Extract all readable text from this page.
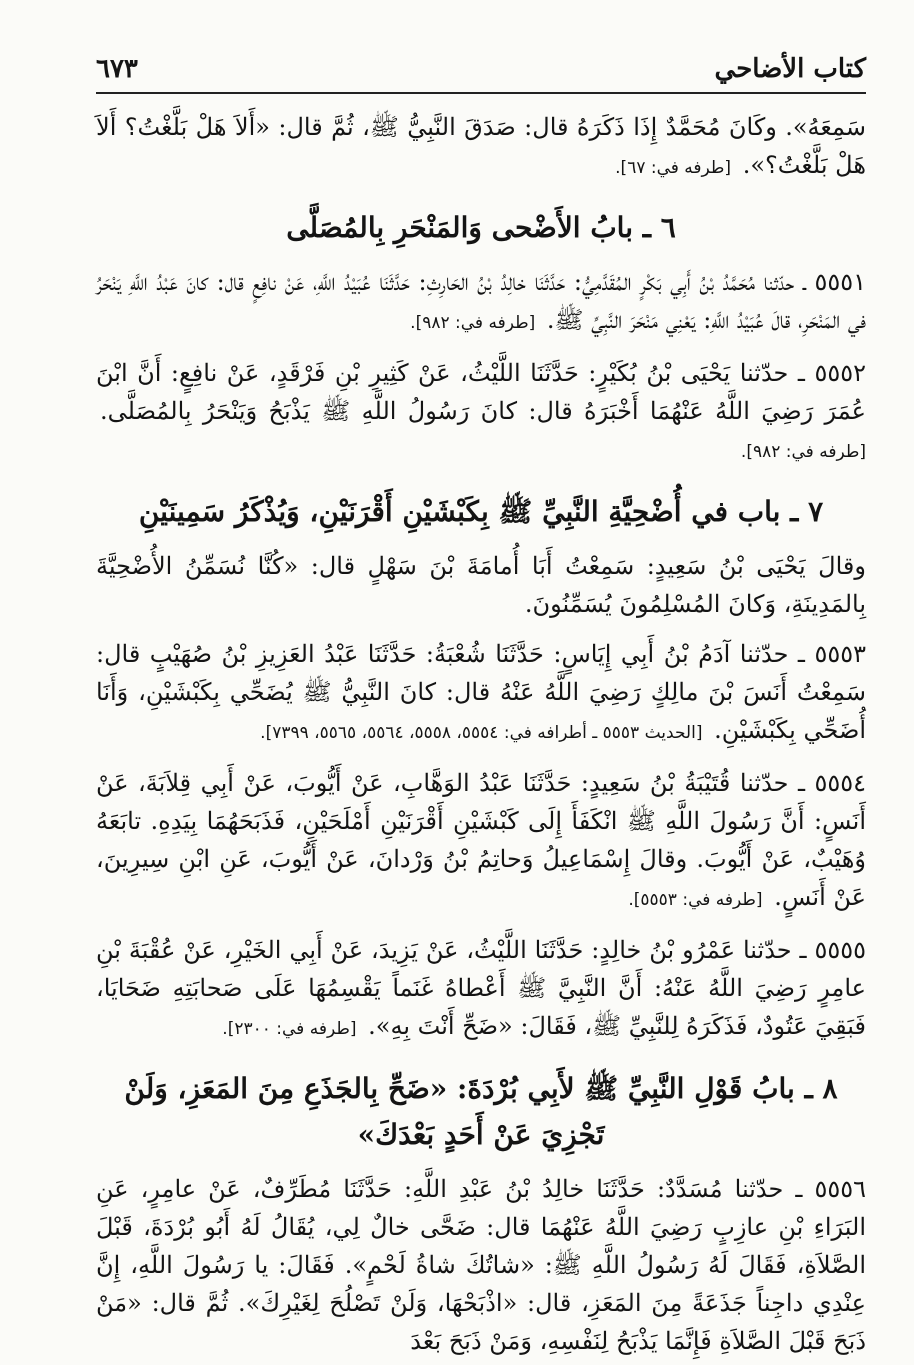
كتاب الأضاحي
٦٧٣

سَمِعَهُ». وكَانَ مُحَمَّدٌ إِذَا ذَكَرَهُ قال: صَدَقَ النَّبِيُّ ﷺ، ثُمَّ قال: «أَلاَ هَلْ بَلَّغْتُ؟ أَلاَ هَلْ بَلَّغْتُ؟». [طرفه في: ٦٧].

٦ ـ بابُ الأَضْحى وَالمَنْحَرِ بِالمُصَلَّى

٥٥٥١ ـ حدّثنا مُحَمَّدُ بْنُ أَبِي بَكْرٍ المُقَدَّمِيُّ: حَدَّثَنَا خالِدُ بْنُ الحَارِثِ: حَدَّثَنَا عُبَيْدُ اللَّهِ، عَنْ نافِعٍ قال: كانَ عَبْدُ اللَّهِ يَنْحَرُ في المَنْحَرِ، قالَ عُبَيْدُ اللَّهِ: يَعْنِي مَنْحَرَ النَّبِيِّ ﷺ. [طرفه في: ٩٨٢].

٥٥٥٢ ـ حدّثنا يَحْيَى بْنُ بُكَيْرٍ: حَدَّثَنَا اللَّيْثُ، عَنْ كَثِيرِ بْنِ فَرْقَدٍ، عَنْ نافِعٍ: أَنَّ ابْنَ عُمَرَ رَضِيَ اللَّهُ عَنْهُمَا أَخْبَرَهُ قال: كانَ رَسُولُ اللَّهِ ﷺ يَذْبَحُ وَيَنْحَرُ بِالمُصَلَّى. [طرفه في: ٩٨٢].

٧ ـ باب في أُضْحِيَّةِ النَّبِيِّ ﷺ بِكَبْشَيْنِ أَقْرَنَيْنِ، وَيُذْكَرُ سَمِينَيْنِ

وقالَ يَحْيَى بْنُ سَعِيدٍ: سَمِعْتُ أَبَا أُمامَةَ بْنَ سَهْلٍ قال: «كُنَّا نُسَمِّنُ الأُضْحِيَّةَ بِالمَدِينَةِ، وَكانَ المُسْلِمُونَ يُسَمِّنُونَ.

٥٥٥٣ ـ حدّثنا آدَمُ بْنُ أَبِي إِيَاسٍ: حَدَّثَنَا شُعْبَةُ: حَدَّثَنَا عَبْدُ العَزِيزِ بْنُ صُهَيْبٍ قال: سَمِعْتُ أَنَسَ بْنَ مالِكٍ رَضِيَ اللَّهُ عَنْهُ قال: كانَ النَّبِيُّ ﷺ يُضَحِّي بِكَبْشَيْنِ، وَأَنَا أُضَحِّي بِكَبْشَيْنِ. [الحديث ٥٥٥٣ ـ أطرافه في: ٥٥٥٤، ٥٥٥٨، ٥٥٦٤، ٥٥٦٥، ٧٣٩٩].

٥٥٥٤ ـ حدّثنا قُتَيْبَةُ بْنُ سَعِيدٍ: حَدَّثَنَا عَبْدُ الوَهَّابِ، عَنْ أَيُّوبَ، عَنْ أَبِي قِلاَبَةَ، عَنْ أَنَسٍ: أَنَّ رَسُولَ اللَّهِ ﷺ انْكَفَأَ إِلَى كَبْشَيْنِ أَقْرَنَيْنِ أَمْلَحَيْنِ، فَذَبَحَهُمَا بِيَدِهِ. تابَعَهُ وُهَيْبٌ، عَنْ أَيُّوبَ. وقالَ إِسْمَاعِيلُ وَحاتِمُ بْنُ وَرْدانَ، عَنْ أَيُّوبَ، عَنِ ابْنِ سِيرِينَ، عَنْ أَنَسٍ. [طرفه في: ٥٥٥٣].

٥٥٥٥ ـ حدّثنا عَمْرُو بْنُ خالِدٍ: حَدَّثَنَا اللَّيْثُ، عَنْ يَزِيدَ، عَنْ أَبِي الخَيْرِ، عَنْ عُقْبَةَ بْنِ عامِرٍ رَضِيَ اللَّهُ عَنْهُ: أَنَّ النَّبِيَّ ﷺ أَعْطاهُ غَنَماً يَقْسِمُهَا عَلَى صَحابَتِهِ ضَحَايَا، فَبَقِيَ عَتُودٌ، فَذَكَرَهُ لِلنَّبِيِّ ﷺ، فَقَالَ: «ضَحِّ أَنْتَ بِهِ». [طرفه في: ٢٣٠٠].

٨ ـ بابُ قَوْلِ النَّبِيِّ ﷺ لأَبِي بُرْدَةَ: «ضَحِّ بِالجَذَعِ مِنَ المَعَزِ، وَلَنْ تَجْزِيَ عَنْ أَحَدٍ بَعْدَكَ»

٥٥٥٦ ـ حدّثنا مُسَدَّدٌ: حَدَّثَنَا خالِدُ بْنُ عَبْدِ اللَّهِ: حَدَّثَنَا مُطَرِّفٌ، عَنْ عامِرٍ، عَنِ البَرَاءِ بْنِ عازِبٍ رَضِيَ اللَّهُ عَنْهُمَا قال: ضَحَّى خالٌ لِي، يُقَالُ لَهُ أَبُو بُرْدَةَ، قَبْلَ الصَّلاَةِ، فَقَالَ لَهُ رَسُولُ اللَّهِ ﷺ: «شاتُكَ شاةُ لَحْمٍ». فَقَالَ: يا رَسُولَ اللَّهِ، إِنَّ عِنْدِي داجِناً جَذَعَةً مِنَ المَعَزِ، قال: «اذْبَحْهَا، وَلَنْ تَصْلُحَ لِغَيْرِكَ». ثُمَّ قال: «مَنْ ذَبَحَ قَبْلَ الصَّلاَةِ فَإِنَّمَا يَذْبَحُ لِنَفْسِهِ، وَمَنْ ذَبَحَ بَعْدَ
